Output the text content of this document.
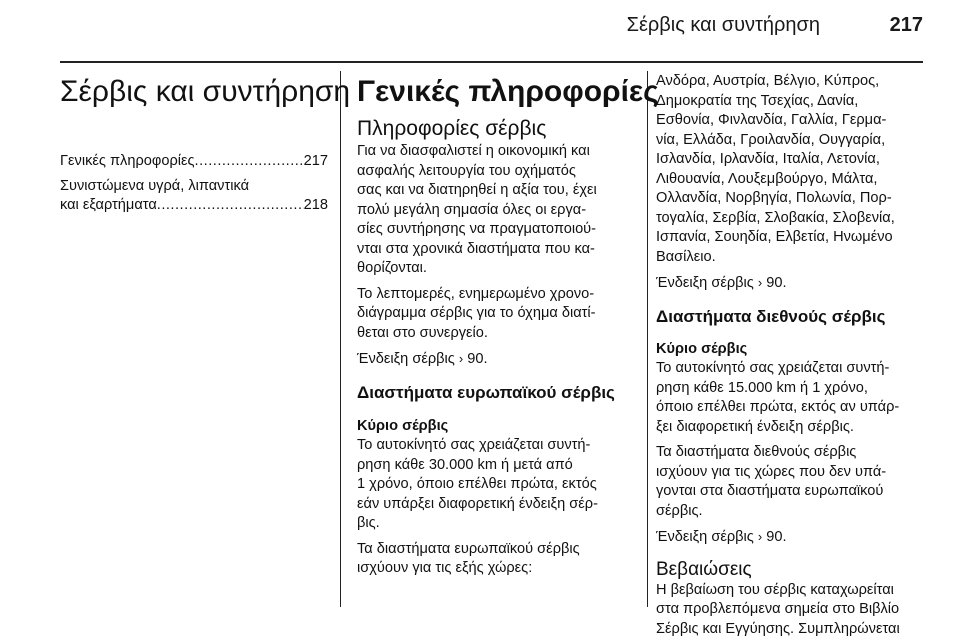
Σέρβις και συντήρηση	217
Σέρβις και συντήρηση
Γενικές πληροφορίες .....	217
Συνιστώμενα υγρά, λιπαντικά
και εξαρτήματα .....	218
Γενικές πληροφορίες
Πληροφορίες σέρβις
Για να διασφαλιστεί η οικονομική και
ασφαλής λειτουργία του οχήματός
σας και να διατηρηθεί η αξία του, έχει
πολύ μεγάλη σημασία όλες οι εργα-
σίες συντήρησης να πραγματοποιού-
νται στα χρονικά διαστήματα που κα-
θορίζονται.
Το λεπτομερές, ενημερωμένο χρονο-
διάγραμμα σέρβις για το όχημα διατί-
θεται στο συνεργείο.
Ένδειξη σέρβις › 90.
Διαστήματα ευρωπαϊκού σέρβις
Κύριο σέρβις
Το αυτοκίνητό σας χρειάζεται συντή-
ρηση κάθε 30.000 km ή μετά από
1 χρόνο, όποιο επέλθει πρώτα, εκτός
εάν υπάρξει διαφορετική ένδειξη σέρ-
βις.
Τα διαστήματα ευρωπαϊκού σέρβις
ισχύουν για τις εξής χώρες:
Ανδόρα, Αυστρία, Βέλγιο, Κύπρος,
Δημοκρατία της Τσεχίας, Δανία,
Εσθονία, Φινλανδία, Γαλλία, Γερμα-
νία, Ελλάδα, Γροιλανδία, Ουγγαρία,
Ισλανδία, Ιρλανδία, Ιταλία, Λετονία,
Λιθουανία, Λουξεμβούργο, Μάλτα,
Ολλανδία, Νορβηγία, Πολωνία, Πορ-
τογαλία, Σερβία, Σλοβακία, Σλοβενία,
Ισπανία, Σουηδία, Ελβετία, Ηνωμένο
Βασίλειο.
Ένδειξη σέρβις › 90.
Διαστήματα διεθνούς σέρβις
Κύριο σέρβις
Το αυτοκίνητό σας χρειάζεται συντή-
ρηση κάθε 15.000 km ή 1 χρόνο,
όποιο επέλθει πρώτα, εκτός αν υπάρ-
ξει διαφορετική ένδειξη σέρβις.
Τα διαστήματα διεθνούς σέρβις
ισχύουν για τις χώρες που δεν υπά-
γονται στα διαστήματα ευρωπαϊκού
σέρβις.
Ένδειξη σέρβις › 90.
Βεβαιώσεις
Η βεβαίωση του σέρβις καταχωρείται
στα προβλεπόμενα σημεία στο Βιβλίο
Σέρβις και Εγγύησης. Συμπληρώνεται
